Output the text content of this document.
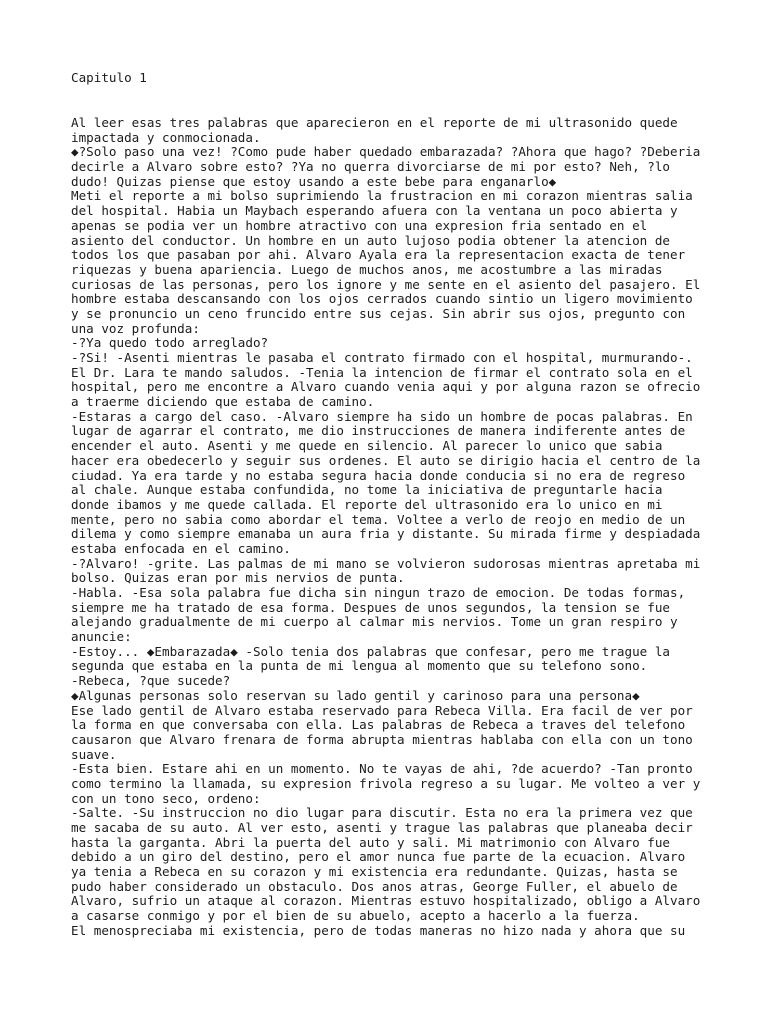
Capitulo 1
Al leer esas tres palabras que aparecieron en el reporte de mi ultrasonido quede
impactada y conmocionada.
◆?Solo paso una vez! ?Como pude haber quedado embarazada? ?Ahora que hago? ?Deberia
decirle a Alvaro sobre esto? ?Ya no querra divorciarse de mi por esto? Neh, ?lo
dudo! Quizas piense que estoy usando a este bebe para enganarlo◆
Meti el reporte a mi bolso suprimiendo la frustracion en mi corazon mientras salia
del hospital. Habia un Maybach esperando afuera con la ventana un poco abierta y
apenas se podia ver un hombre atractivo con una expresion fria sentado en el
asiento del conductor. Un hombre en un auto lujoso podia obtener la atencion de
todos los que pasaban por ahi. Alvaro Ayala era la representacion exacta de tener
riquezas y buena apariencia. Luego de muchos anos, me acostumbre a las miradas
curiosas de las personas, pero los ignore y me sente en el asiento del pasajero. El
hombre estaba descansando con los ojos cerrados cuando sintio un ligero movimiento
y se pronuncio un ceno fruncido entre sus cejas. Sin abrir sus ojos, pregunto con
una voz profunda:
-?Ya quedo todo arreglado?
-?Si! -Asenti mientras le pasaba el contrato firmado con el hospital, murmurando-.
El Dr. Lara te mando saludos. -Tenia la intencion de firmar el contrato sola en el
hospital, pero me encontre a Alvaro cuando venia aqui y por alguna razon se ofrecio
a traerme diciendo que estaba de camino.
-Estaras a cargo del caso. -Alvaro siempre ha sido un hombre de pocas palabras. En
lugar de agarrar el contrato, me dio instrucciones de manera indiferente antes de
encender el auto. Asenti y me quede en silencio. Al parecer lo unico que sabia
hacer era obedecerlo y seguir sus ordenes. El auto se dirigio hacia el centro de la
ciudad. Ya era tarde y no estaba segura hacia donde conducia si no era de regreso
al chale. Aunque estaba confundida, no tome la iniciativa de preguntarle hacia
donde ibamos y me quede callada. El reporte del ultrasonido era lo unico en mi
mente, pero no sabia como abordar el tema. Voltee a verlo de reojo en medio de un
dilema y como siempre emanaba un aura fria y distante. Su mirada firme y despiadada
estaba enfocada en el camino.
-?Alvaro! -grite. Las palmas de mi mano se volvieron sudorosas mientras apretaba mi
bolso. Quizas eran por mis nervios de punta.
-Habla. -Esa sola palabra fue dicha sin ningun trazo de emocion. De todas formas,
siempre me ha tratado de esa forma. Despues de unos segundos, la tension se fue
alejando gradualmente de mi cuerpo al calmar mis nervios. Tome un gran respiro y
anuncie:
-Estoy... ◆Embarazada◆ -Solo tenia dos palabras que confesar, pero me trague la
segunda que estaba en la punta de mi lengua al momento que su telefono sono.
-Rebeca, ?que sucede?
◆Algunas personas solo reservan su lado gentil y carinoso para una persona◆
Ese lado gentil de Alvaro estaba reservado para Rebeca Villa. Era facil de ver por
la forma en que conversaba con ella. Las palabras de Rebeca a traves del telefono
causaron que Alvaro frenara de forma abrupta mientras hablaba con ella con un tono
suave.
-Esta bien. Estare ahi en un momento. No te vayas de ahi, ?de acuerdo? -Tan pronto
como termino la llamada, su expresion frivola regreso a su lugar. Me volteo a ver y
con un tono seco, ordeno:
-Salte. -Su instruccion no dio lugar para discutir. Esta no era la primera vez que
me sacaba de su auto. Al ver esto, asenti y trague las palabras que planeaba decir
hasta la garganta. Abri la puerta del auto y sali. Mi matrimonio con Alvaro fue
debido a un giro del destino, pero el amor nunca fue parte de la ecuacion. Alvaro
ya tenia a Rebeca en su corazon y mi existencia era redundante. Quizas, hasta se
pudo haber considerado un obstaculo. Dos anos atras, George Fuller, el abuelo de
Alvaro, sufrio un ataque al corazon. Mientras estuvo hospitalizado, obligo a Alvaro
a casarse conmigo y por el bien de su abuelo, acepto a hacerlo a la fuerza.
El menospreciaba mi existencia, pero de todas maneras no hizo nada y ahora que su
